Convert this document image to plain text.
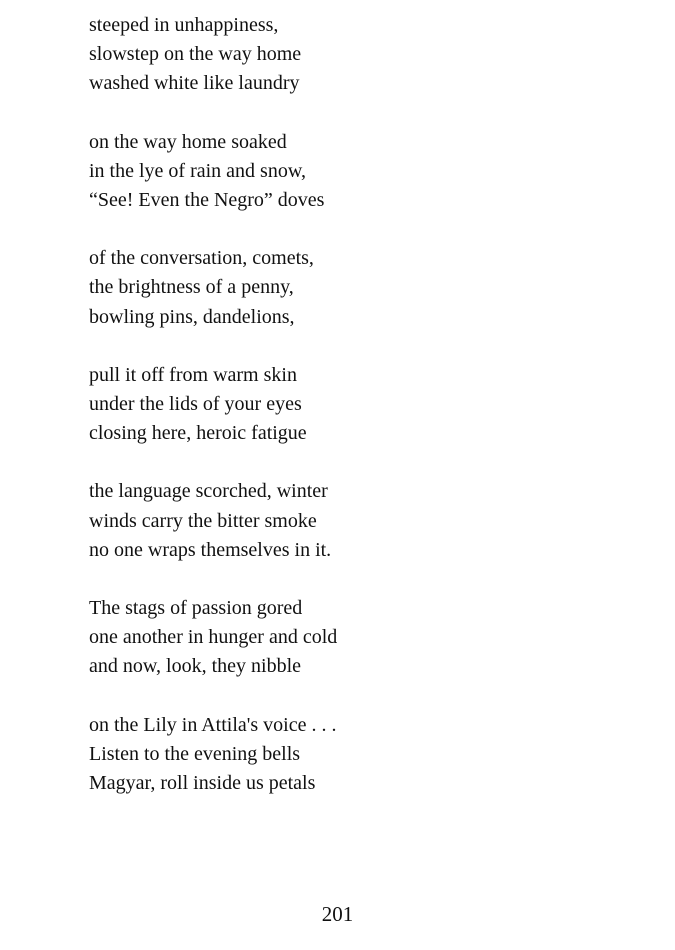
steeped in unhappiness,
slowstep on the way home
washed white like laundry
on the way home soaked
in the lye of rain and snow,
“See! Even the Negro” doves
of the conversation, comets,
the brightness of a penny,
bowling pins, dandelions,
pull it off from warm skin
under the lids of your eyes
closing here, heroic fatigue
the language scorched, winter
winds carry the bitter smoke
no one wraps themselves in it.
The stags of passion gored
one another in hunger and cold
and now, look, they nibble
on the Lily in Attila's voice . . .
Listen to the evening bells
Magyar, roll inside us petals
201
